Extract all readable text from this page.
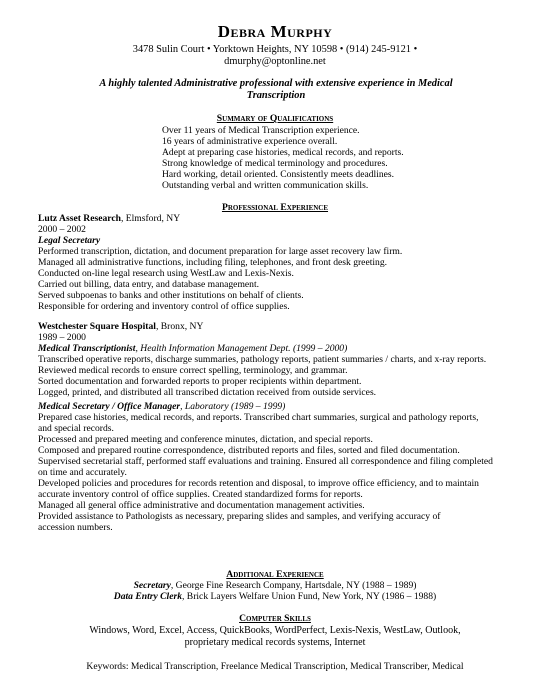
Debra Murphy
3478 Sulin Court • Yorktown Heights, NY 10598 • (914) 245-9121 •
dmurphy@optonline.net
A highly talented Administrative professional with extensive experience in Medical Transcription
Summary of Qualifications
Over 11 years of Medical Transcription experience.
16 years of administrative experience overall.
Adept at preparing case histories, medical records, and reports.
Strong knowledge of medical terminology and procedures.
Hard working, detail oriented. Consistently meets deadlines.
Outstanding verbal and written communication skills.
Professional Experience
Lutz Asset Research, Elmsford, NY
2000 – 2002
Legal Secretary
Performed transcription, dictation, and document preparation for large asset recovery law firm.
Managed all administrative functions, including filing, telephones, and front desk greeting.
Conducted on-line legal research using WestLaw and Lexis-Nexis.
Carried out billing, data entry, and database management.
Served subpoenas to banks and other institutions on behalf of clients.
Responsible for ordering and inventory control of office supplies.
Westchester Square Hospital, Bronx, NY
1989 – 2000
Medical Transcriptionist, Health Information Management Dept. (1999 – 2000)
Transcribed operative reports, discharge summaries, pathology reports, patient summaries / charts, and x-ray reports.
Reviewed medical records to ensure correct spelling, terminology, and grammar.
Sorted documentation and forwarded reports to proper recipients within department.
Logged, printed, and distributed all transcribed dictation received from outside services.
Medical Secretary / Office Manager, Laboratory (1989 – 1999)
Prepared case histories, medical records, and reports. Transcribed chart summaries, surgical and pathology reports, and special records.
Processed and prepared meeting and conference minutes, dictation, and special reports.
Composed and prepared routine correspondence, distributed reports and files, sorted and filed documentation.
Supervised secretarial staff, performed staff evaluations and training. Ensured all correspondence and filing completed on time and accurately.
Developed policies and procedures for records retention and disposal, to improve office efficiency, and to maintain accurate inventory control of office supplies. Created standardized forms for reports.
Managed all general office administrative and documentation management activities.
Provided assistance to Pathologists as necessary, preparing slides and samples, and verifying accuracy of accession numbers.
Additional Experience
Secretary, George Fine Research Company, Hartsdale, NY (1988 – 1989)
Data Entry Clerk, Brick Layers Welfare Union Fund, New York, NY (1986 – 1988)
Computer Skills
Windows, Word, Excel, Access, QuickBooks, WordPerfect, Lexis-Nexis, WestLaw, Outlook,
proprietary medical records systems, Internet
Keywords: Medical Transcription, Freelance Medical Transcription, Medical Transcriber, Medical
